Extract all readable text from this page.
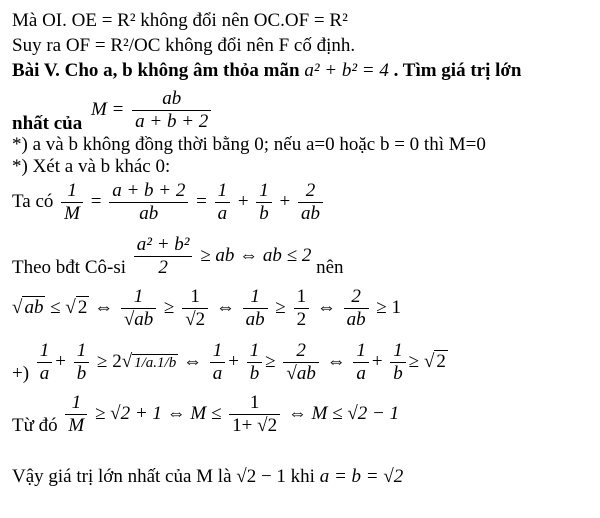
Mà OI. OE = R² không đổi nên OC.OF = R²
Suy ra OF = R²/OC không đổi nên F cố định.
Bài V. Cho a, b không âm thỏa mãn a² + b² = 4 . Tìm giá trị lớn
nhất của $M = \frac{ab}{a + b + 2}$
*) a và b không đồng thời bằng 0; nếu a=0 hoặc b = 0 thì M=0
*) Xét a và b khác 0:
Ta có $\frac{1}{M} = \frac{a + b + 2}{ab} = \frac{1}{a} + \frac{1}{b} + \frac{2}{ab}$
Theo bđt Cô-si $\frac{\text{a² + b²}}{2}$ ≥ ab ⇔ ab ≤ 2 nên
√ ab ≤ √ 2 ⇔ $\frac{1}{√ab} \ge \frac{1}{√2}$ ⇔ $\frac{1}{ab} \ge \frac{1}{2}$ ⇔ $\frac{2}{ab} \ge 1$
+) $\frac{1}{a} + \frac{1}{b} \ge 2√$ 1/a.1/b ⇔ $\frac{1}{a} + \frac{1}{b} \ge \frac{2}{√ab}$ ⇔ $\frac{1}{a} + \frac{1}{b}$ ≥ √ 2
Từ đó $\frac{1}{M} \ge √2 + 1$ ⇔ $M \le \frac{1}{1+ √2}$ ⇔ M ≤ √2 − 1
Vậy giá trị lớn nhất của M là √2 − 1 khi a = b = √2
